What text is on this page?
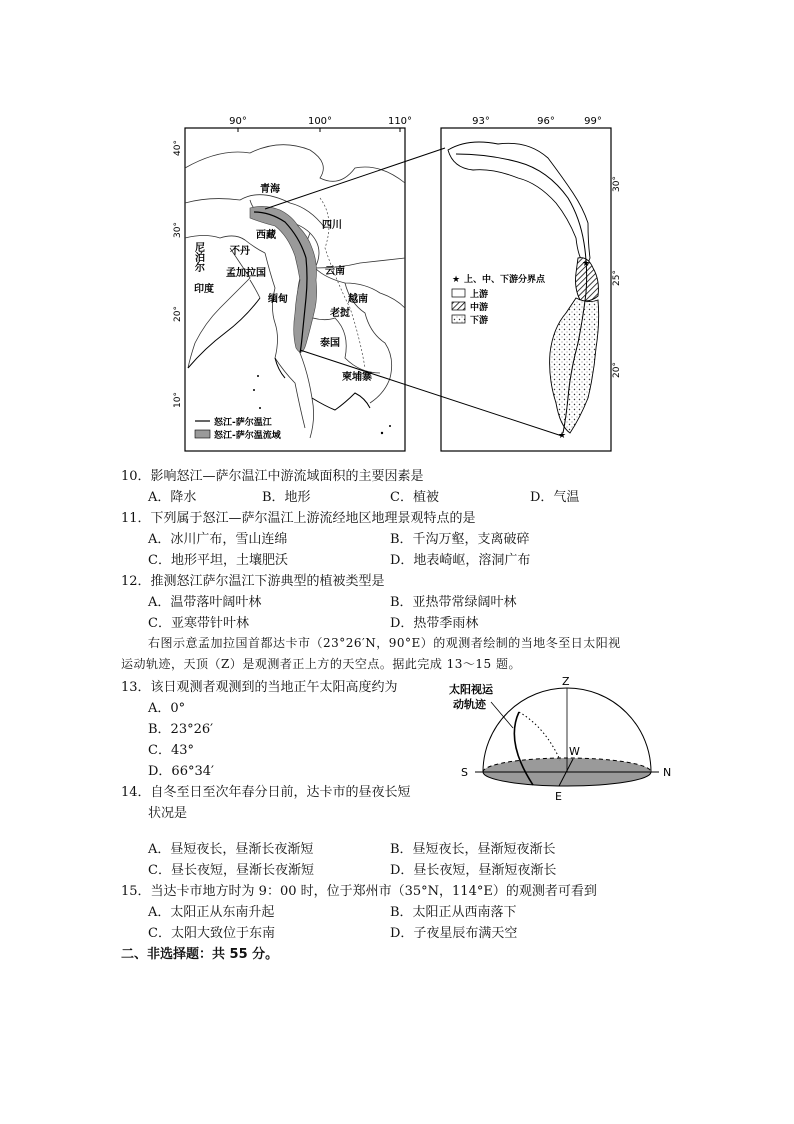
90°	100°	110°
40°
30°
20°
10°
青海
西藏
四川
云南
不丹
孟加拉国
印度
缅甸	越南
老挝
泰国
柬埔寨
尼泊尔
怒江-萨尔温江
怒江-萨尔温流域
93°	96°	99°
30°
25°
20°
★
★
★ 上、中、下游分界点
上游
中游
下游
10．影响怒江—萨尔温江中游流域面积的主要因素是
A．降水	B．地形	C．植被	D．气温
11．下列属于怒江—萨尔温江上游流经地区地理景观特点的是
A．冰川广布，雪山连绵	B．千沟万壑，支离破碎
C．地形平坦，土壤肥沃	D．地表崎岖，溶洞广布
12．推测怒江萨尔温江下游典型的植被类型是
A．温带落叶阔叶林	B．亚热带常绿阔叶林
C．亚寒带针叶林	D．热带季雨林
右图示意孟加拉国首都达卡市（23°26′N，90°E）的观测者绘制的当地冬至日太阳视
运动轨迹，天顶（Z）是观测者正上方的天空点。据此完成 13～15 题。
13．该日观测者观测到的当地正午太阳高度约为
A．0°
B．23°26′
C．43°
D．66°34′
14．自冬至日至次年春分日前，达卡市的昼夜长短
状况是
A．昼短夜长，昼渐长夜渐短	B．昼短夜长，昼渐短夜渐长
C．昼长夜短，昼渐长夜渐短	D．昼长夜短，昼渐短夜渐长
15．当达卡市地方时为 9：00 时，位于郑州市（35°N，114°E）的观测者可看到
A．太阳正从东南升起	B．太阳正从西南落下
C．太阳大致位于东南	D．子夜星辰布满天空
二、非选择题：共 55 分。
太阳视运
动轨迹
Z
W
S	N
E
